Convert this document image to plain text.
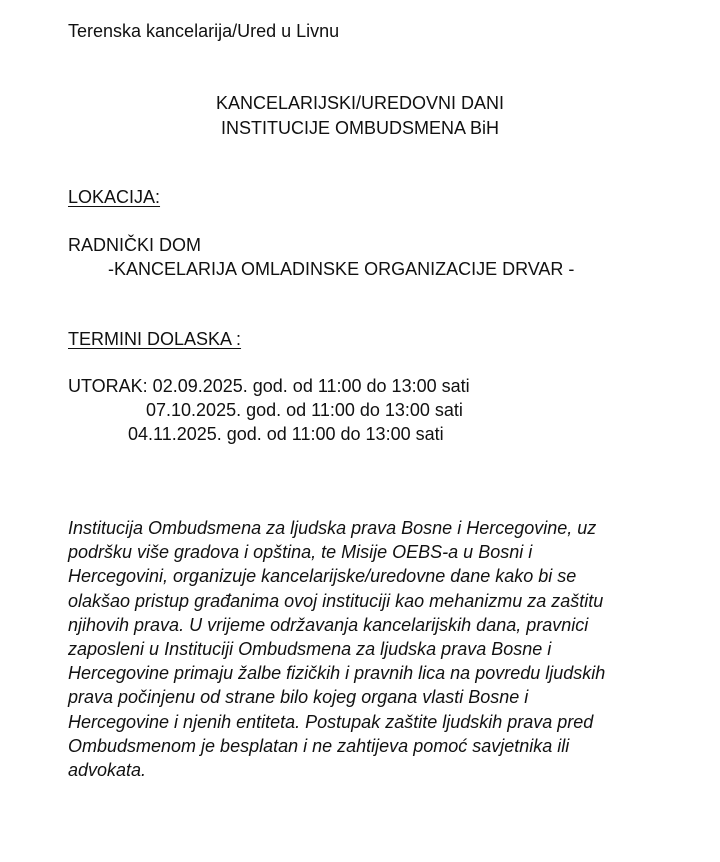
Terenska kancelarija/Ured u Livnu
KANCELARIJSKI/UREDOVNI DANI
INSTITUCIJE OMBUDSMENA BiH
LOKACIJA:
RADNIČKI DOM
-KANCELARIJA OMLADINSKE ORGANIZACIJE DRVAR -
TERMINI DOLASKA :
UTORAK: 02.09.2025. god. od 11:00 do 13:00 sati
07.10.2025. god. od 11:00 do 13:00 sati
04.11.2025. god. od 11:00 do 13:00 sati
Institucija Ombudsmena za ljudska prava Bosne i Hercegovine, uz
podršku više gradova i opština, te Misije OEBS-a u Bosni i
Hercegovini, organizuje kancelarijske/uredovne dane kako bi se
olakšao pristup građanima ovoj instituciji kao mehanizmu za zaštitu
njihovih prava. U vrijeme održavanja kancelarijskih dana, pravnici
zaposleni u Instituciji Ombudsmena za ljudska prava Bosne i
Hercegovine primaju žalbe fizičkih i pravnih lica na povredu ljudskih
prava počinjenu od strane bilo kojeg organa vlasti Bosne i
Hercegovine i njenih entiteta. Postupak zaštite ljudskih prava pred
Ombudsmenom je besplatan i ne zahtijeva pomoć savjetnika ili
advokata.
